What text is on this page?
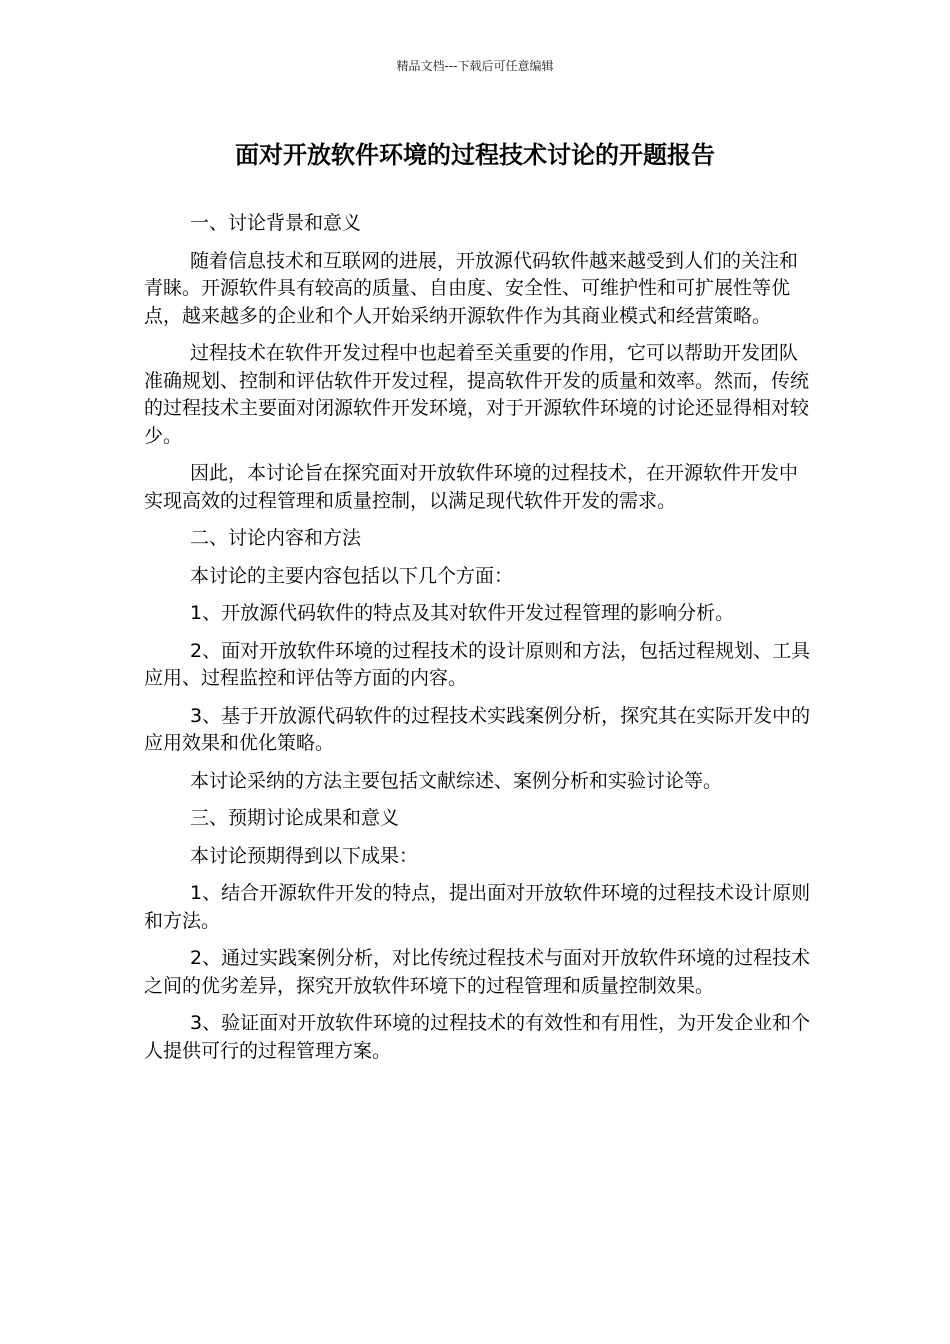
精品文档---下载后可任意编辑
面对开放软件环境的过程技术讨论的开题报告

一、讨论背景和意义

随着信息技术和互联网的进展，开放源代码软件越来越受到人们的关注和青睐。开源软件具有较高的质量、自由度、安全性、可维护性和可扩展性等优点，越来越多的企业和个人开始采纳开源软件作为其商业模式和经营策略。

过程技术在软件开发过程中也起着至关重要的作用，它可以帮助开发团队准确规划、控制和评估软件开发过程，提高软件开发的质量和效率。然而，传统的过程技术主要面对闭源软件开发环境，对于开源软件环境的讨论还显得相对较少。

因此，本讨论旨在探究面对开放软件环境的过程技术，在开源软件开发中实现高效的过程管理和质量控制，以满足现代软件开发的需求。

二、讨论内容和方法

本讨论的主要内容包括以下几个方面：

1、开放源代码软件的特点及其对软件开发过程管理的影响分析。

2、面对开放软件环境的过程技术的设计原则和方法，包括过程规划、工具应用、过程监控和评估等方面的内容。

3、基于开放源代码软件的过程技术实践案例分析，探究其在实际开发中的应用效果和优化策略。

本讨论采纳的方法主要包括文献综述、案例分析和实验讨论等。

三、预期讨论成果和意义

本讨论预期得到以下成果：

1、结合开源软件开发的特点，提出面对开放软件环境的过程技术设计原则和方法。

2、通过实践案例分析，对比传统过程技术与面对开放软件环境的过程技术之间的优劣差异，探究开放软件环境下的过程管理和质量控制效果。

3、验证面对开放软件环境的过程技术的有效性和有用性，为开发企业和个人提供可行的过程管理方案。
